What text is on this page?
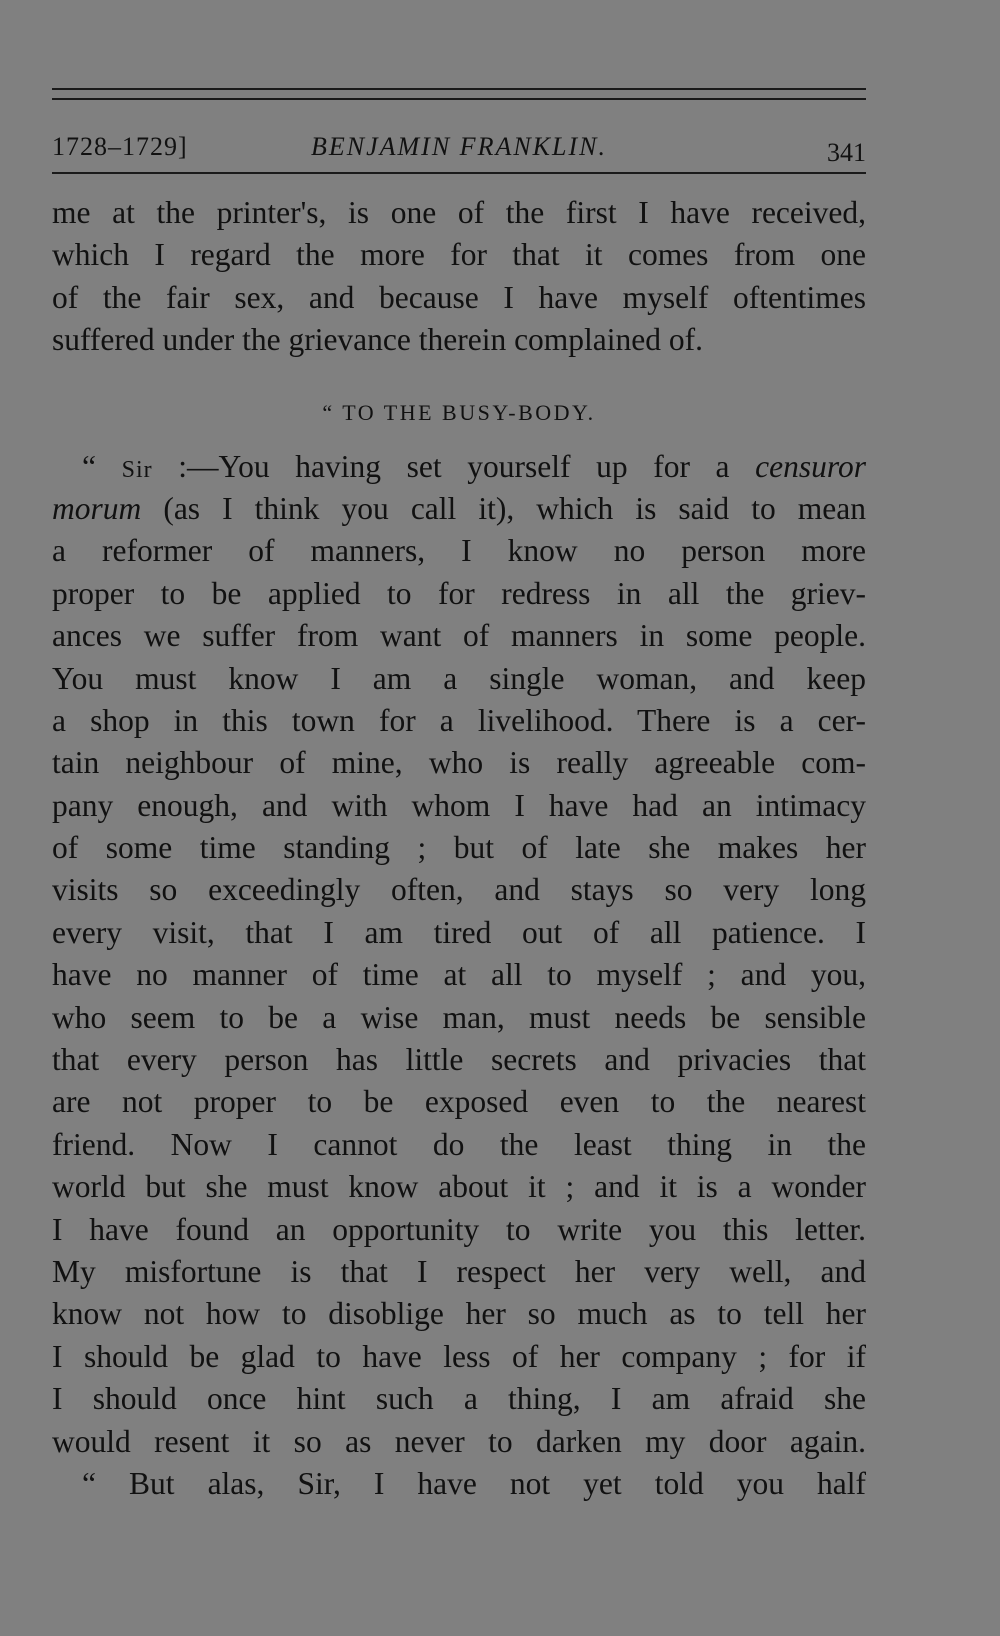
1728–1729]	BENJAMIN FRANKLIN.	341
me at the printer's, is one of the first I have received,
which I regard the more for that it comes from one
of the fair sex, and because I have myself oftentimes
suffered under the grievance therein complained of.
“ TO THE BUSY-BODY.
“ Sir :—You having set yourself up for a censuror
morum (as I think you call it), which is said to mean
a reformer of manners, I know no person more
proper to be applied to for redress in all the griev-
ances we suffer from want of manners in some people.
You must know I am a single woman, and keep
a shop in this town for a livelihood. There is a cer-
tain neighbour of mine, who is really agreeable com-
pany enough, and with whom I have had an intimacy
of some time standing ; but of late she makes her
visits so exceedingly often, and stays so very long
every visit, that I am tired out of all patience. I
have no manner of time at all to myself ; and you,
who seem to be a wise man, must needs be sensible
that every person has little secrets and privacies that
are not proper to be exposed even to the nearest
friend. Now I cannot do the least thing in the
world but she must know about it ; and it is a wonder
I have found an opportunity to write you this letter.
My misfortune is that I respect her very well, and
know not how to disoblige her so much as to tell her
I should be glad to have less of her company ; for if
I should once hint such a thing, I am afraid she
would resent it so as never to darken my door again.
“ But alas, Sir, I have not yet told you half
